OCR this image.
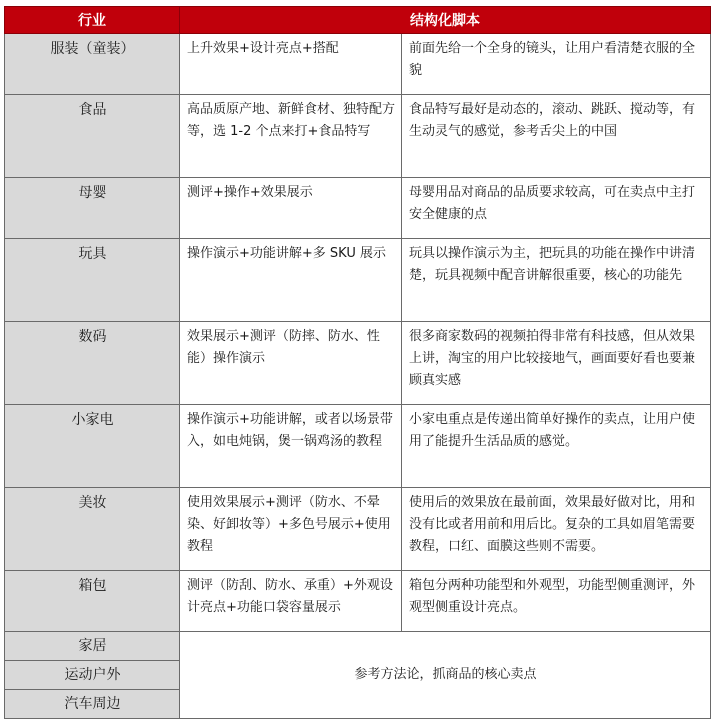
行业	结构化脚本	
服装（童装）	上升效果+设计亮点+搭配	前面先给一个全身的镜头，让用户看清楚衣服的全貌
食品	高品质原产地、新鲜食材、独特配方等，选 1-2 个点来打+食品特写	食品特写最好是动态的，滚动、跳跃、搅动等，有生动灵气的感觉，参考舌尖上的中国
母婴	测评+操作+效果展示	母婴用品对商品的品质要求较高，可在卖点中主打安全健康的点
玩具	操作演示+功能讲解+多 SKU 展示	玩具以操作演示为主，把玩具的功能在操作中讲清楚，玩具视频中配音讲解很重要，核心的功能先
数码	效果展示+测评（防摔、防水、性能）操作演示	很多商家数码的视频拍得非常有科技感，但从效果上讲，淘宝的用户比较接地气，画面要好看也要兼顾真实感
小家电	操作演示+功能讲解，或者以场景带入，如电炖锅，煲一锅鸡汤的教程	小家电重点是传递出简单好操作的卖点，让用户使用了能提升生活品质的感觉。
美妆	使用效果展示+测评（防水、不晕染、好卸妆等）+多色号展示+使用教程	使用后的效果放在最前面，效果最好做对比，用和没有比或者用前和用后比。复杂的工具如眉笔需要教程，口红、面膜这些则不需要。
箱包	测评（防刮、防水、承重）+外观设计亮点+功能口袋容量展示	箱包分两种功能型和外观型，功能型侧重测评，外观型侧重设计亮点。
家居	参考方法论，抓商品的核心卖点	
运动户外		
汽车周边		
